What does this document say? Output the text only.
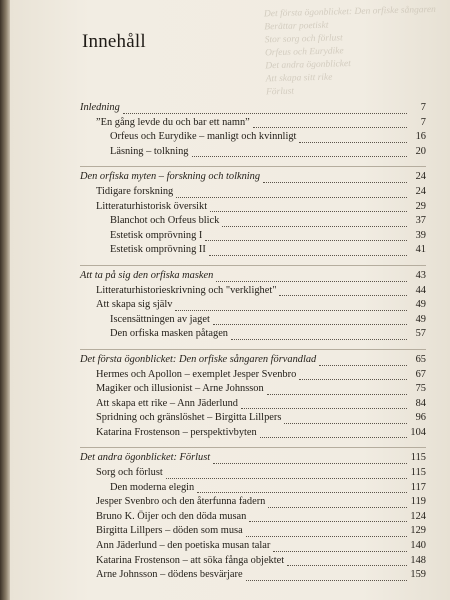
Det första ögonblicket: Den orfiske sångaren
Berättar poetiskt
Stor sorg och förlust
Orfeus och Eurydike
Det andra ögonblicket
Att skapa sitt rike
Förlust
Innehåll
Inledning	7
”En gång levde du och bar ett namn”	7
Orfeus och Eurydike – manligt och kvinnligt	16
Läsning – tolkning	20
Den orfiska myten – forskning och tolkning	24
Tidigare forskning	24
Litteraturhistorisk översikt	29
Blanchot och Orfeus blick	37
Estetisk omprövning I	39
Estetisk omprövning II	41
Att ta på sig den orfiska masken	43
Litteraturhistorieskrivning och "verklighet"	44
Att skapa sig själv	49
Iscensättningen av jaget	49
Den orfiska masken påtagen	57
Det första ögonblicket: Den orfiske sångaren förvandlad	65
Hermes och Apollon – exemplet Jesper Svenbro	67
Magiker och illusionist – Arne Johnsson	75
Att skapa ett rike – Ann Jäderlund	84
Spridning och gränslöshet – Birgitta Lillpers	96
Katarina Frostenson – perspektivbyten	104
Det andra ögonblicket: Förlust	115
Sorg och förlust	115
Den moderna elegin	117
Jesper Svenbro och den återfunna fadern	119
Bruno K. Öijer och den döda musan	124
Birgitta Lillpers – döden som musa	129
Ann Jäderlund – den poetiska musan talar	140
Katarina Frostenson – att söka fånga objektet	148
Arne Johnsson – dödens besvärjare	159
